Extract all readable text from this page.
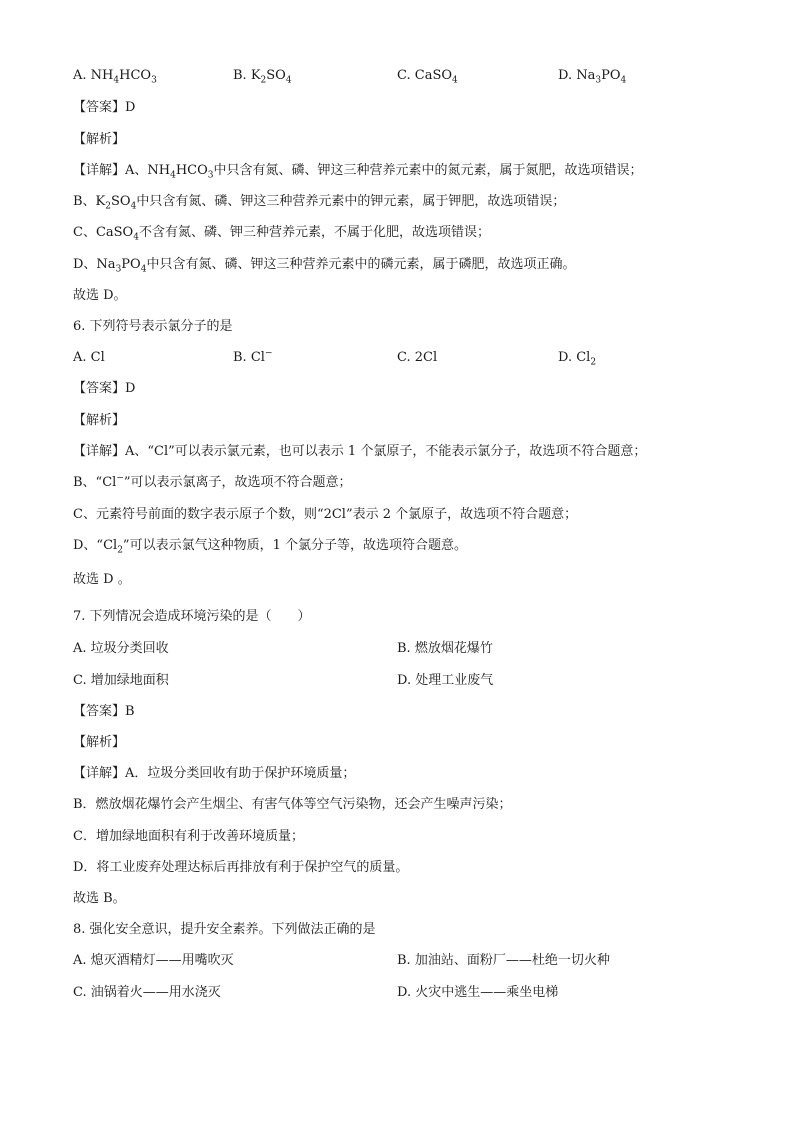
A. $NH_4HCO_3$	B. $K_2SO_4$	C. CaSO$_4$	D. $Na_3PO_4$
【答案】D
【解析】
【详解】A、$NH_4HCO_3$中只含有氮、磷、钾这三种营养元素中的氮元素，属于氮肥，故选项错误；
B、$K_2SO_4$中只含有氮、磷、钾这三种营养元素中的钾元素，属于钾肥，故选项错误；
C、CaSO$_4$不含有氮、磷、钾三种营养元素，不属于化肥，故选项错误；
D、$Na_3PO_4$中只含有氮、磷、钾这三种营养元素中的磷元素，属于磷肥，故选项正确。
故选 D。
6. 下列符号表示氯分子的是
A. Cl	B. Cl−	C. 2Cl	D. $Cl_2$
【答案】D
【解析】
【详解】A、“Cl”可以表示氯元素，也可以表示 1 个氯原子，不能表示氯分子，故选项不符合题意；
B、“Cl−”可以表示氯离子，故选项不符合题意；
C、元素符号前面的数字表示原子个数，则“2Cl”表示 2 个氯原子，故选项不符合题意；
D、“$Cl_2$”可以表示氯气这种物质，1 个氯分子等，故选项符合题意。
故选 D 。
7. 下列情况会造成环境污染的是（　　）
A. 垃圾分类回收	B. 燃放烟花爆竹
C. 增加绿地面积	D. 处理工业废气
【答案】B
【解析】
【详解】A．垃圾分类回收有助于保护环境质量；
B．燃放烟花爆竹会产生烟尘、有害气体等空气污染物，还会产生噪声污染；
C．增加绿地面积有利于改善环境质量；
D．将工业废弃处理达标后再排放有利于保护空气的质量。
故选 B。
8. 强化安全意识，提升安全素养。下列做法正确的是
A. 熄灭酒精灯——用嘴吹灭	B. 加油站、面粉厂——杜绝一切火种
C. 油锅着火——用水浇灭	D. 火灾中逃生——乘坐电梯
